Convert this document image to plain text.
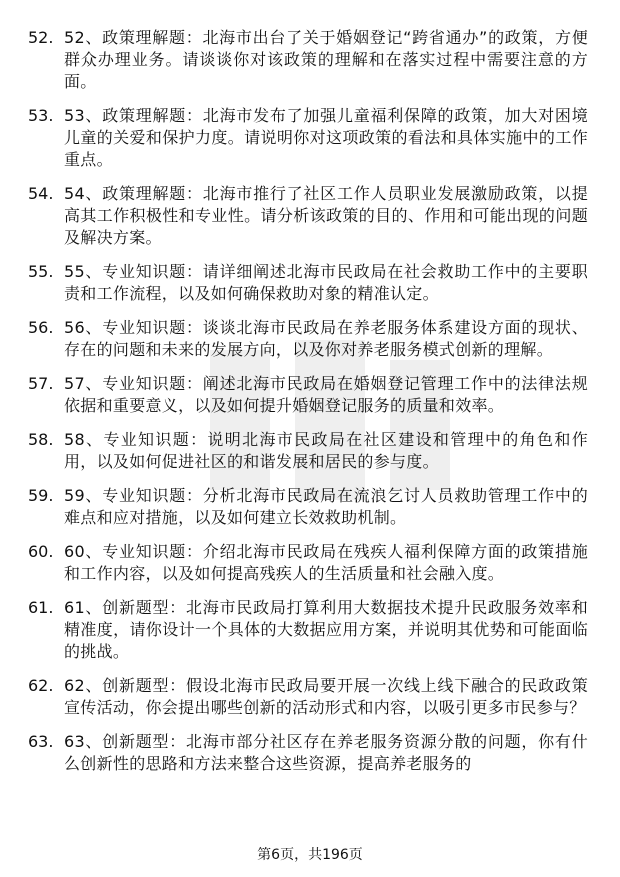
52. 52、政策理解题：北海市出台了关于婚姻登记“跨省通办”的政策，方便群众办理业务。请谈谈你对该政策的理解和在落实过程中需要注意的方面。
53. 53、政策理解题：北海市发布了加强儿童福利保障的政策，加大对困境儿童的关爱和保护力度。请说明你对这项政策的看法和具体实施中的工作重点。
54. 54、政策理解题：北海市推行了社区工作人员职业发展激励政策，以提高其工作积极性和专业性。请分析该政策的目的、作用和可能出现的问题及解决方案。
55. 55、专业知识题：请详细阐述北海市民政局在社会救助工作中的主要职责和工作流程，以及如何确保救助对象的精准认定。
56. 56、专业知识题：谈谈北海市民政局在养老服务体系建设方面的现状、存在的问题和未来的发展方向，以及你对养老服务模式创新的理解。
57. 57、专业知识题：阐述北海市民政局在婚姻登记管理工作中的法律法规依据和重要意义，以及如何提升婚姻登记服务的质量和效率。
58. 58、专业知识题：说明北海市民政局在社区建设和管理中的角色和作用，以及如何促进社区的和谐发展和居民的参与度。
59. 59、专业知识题：分析北海市民政局在流浪乞讨人员救助管理工作中的难点和应对措施，以及如何建立长效救助机制。
60. 60、专业知识题：介绍北海市民政局在残疾人福利保障方面的政策措施和工作内容，以及如何提高残疾人的生活质量和社会融入度。
61. 61、创新题型：北海市民政局打算利用大数据技术提升民政服务效率和精准度，请你设计一个具体的大数据应用方案，并说明其优势和可能面临的挑战。
62. 62、创新题型：假设北海市民政局要开展一次线上线下融合的民政政策宣传活动，你会提出哪些创新的活动形式和内容，以吸引更多市民参与？
63. 63、创新题型：北海市部分社区存在养老服务资源分散的问题，你有什么创新性的思路和方法来整合这些资源，提高养老服务的
第6页，共196页
